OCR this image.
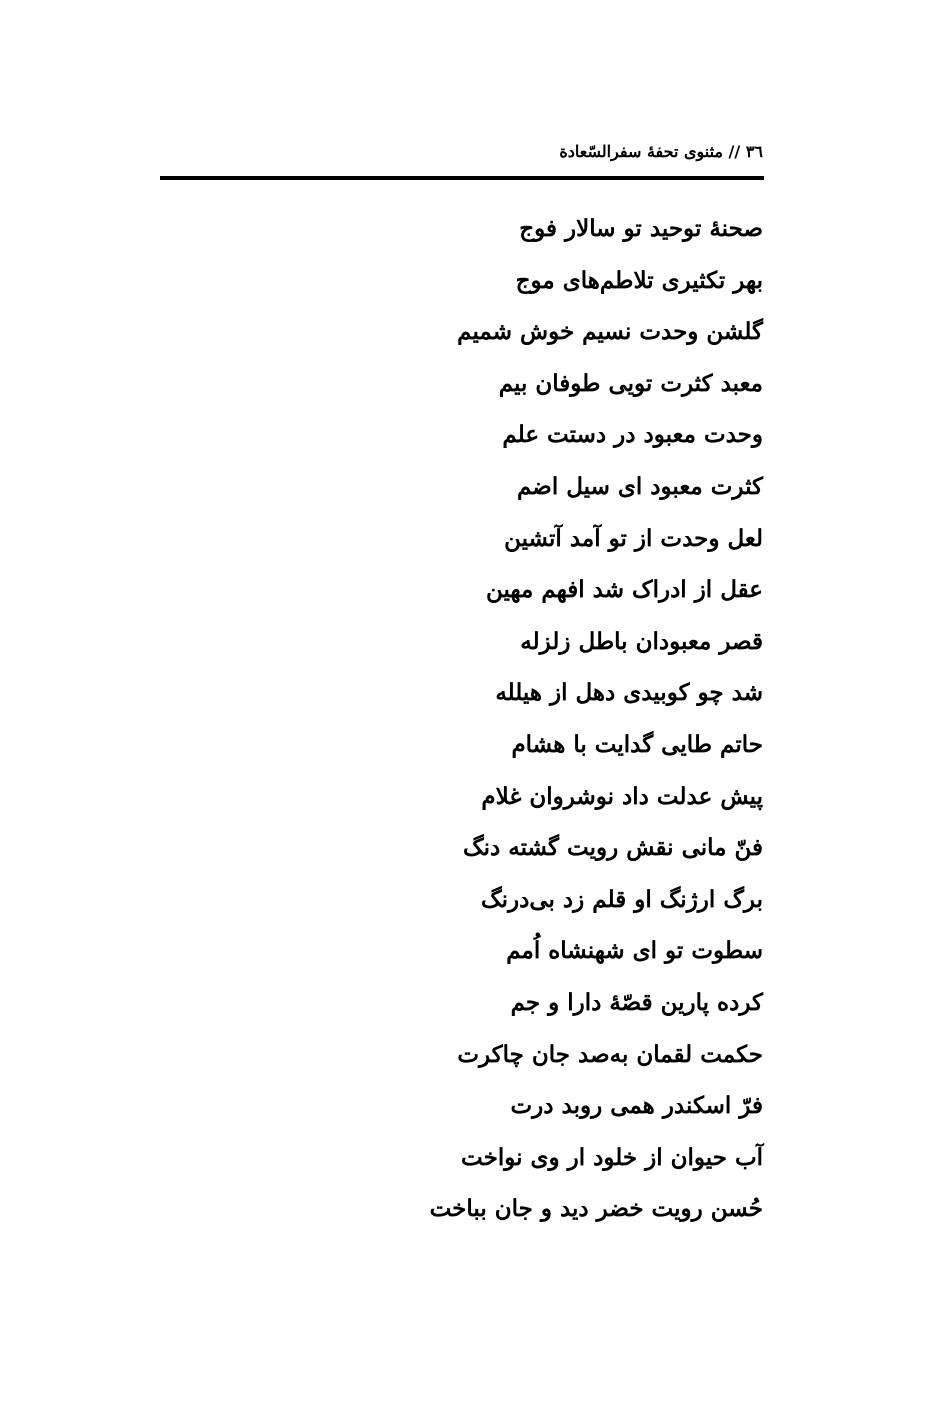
٣٦ // مثنوی تحفهٔ سفرالسّعادة
صحنهٔ توحید تو سالار فوج
بهر تکثیری تلاطم‌های موج
گلشن وحدت نسیم خوش شمیم
معبد کثرت تویی طوفان بیم
وحدت معبود در دستت علم
کثرت معبود ای سیل اضم
لعل وحدت از تو آمد آتشین
عقل از ادراک شد افهم مهین
قصر معبودان باطل زلزله
شد چو کوبیدی دهل از هیلله
حاتم طایی گدایت با هشام
پیش عدلت داد نوشروان غلام
فنّ مانی نقش رویت گشته دنگ
برگ ارژنگ او قلم زد بی‌درنگ
سطوت تو ای شهنشاه اُمم
کرده پارین قصّهٔ دارا و جم
حکمت لقمان به‌صد جان چاکرت
فرّ اسکندر همی روبد درت
آب حیوان از خلود ار وی نواخت
حُسن رویت خضر دید و جان بباخت
